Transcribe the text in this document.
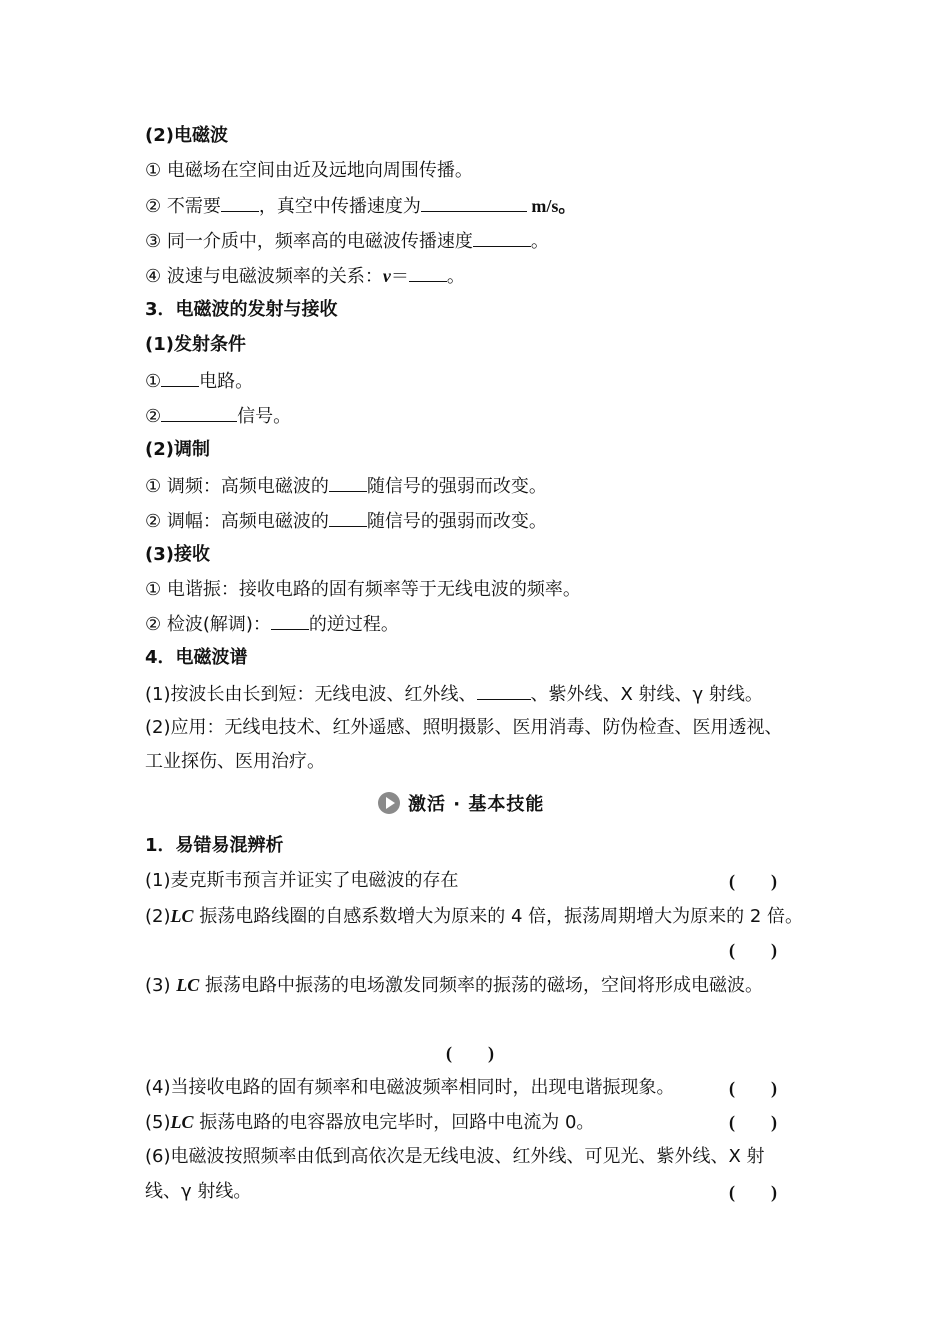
(2)电磁波
① 电磁场在空间由近及远地向周围传播。
② 不需要 ，真空中传播速度为	m/s。
③ 同一介质中，频率高的电磁波传播速度	。
④ 波速与电磁波频率的关系：v＝ 。
3．电磁波的发射与接收
(1)发射条件
① 电路。
②	信号。
(2)调制
① 调频：高频电磁波的 随信号的强弱而改变。
② 调幅：高频电磁波的 随信号的强弱而改变。
(3)接收
① 电谐振：接收电路的固有频率等于无线电波的频率。
② 检波(解调)： 的逆过程。
4．电磁波谱
(1)按波长由长到短：无线电波、红外线、	、紫外线、X 射线、γ 射线。
(2)应用：无线电技术、红外遥感、照明摄影、医用消毒、防伪检查、医用透视、
工业探伤、医用治疗。
激活 · 基本技能
1．易错易混辨析
(1)麦克斯韦预言并证实了电磁波的存在	(　　)
(2)LC 振荡电路线圈的自感系数增大为原来的 4 倍，振荡周期增大为原来的 2 倍。
(　　)
(3) LC 振荡电路中振荡的电场激发同频率的振荡的磁场，空间将形成电磁波。
(　　)
(4)当接收电路的固有频率和电磁波频率相同时，出现电谐振现象。	(　　)
(5)LC 振荡电路的电容器放电完毕时，回路中电流为 0。	(　　)
(6)电磁波按照频率由低到高依次是无线电波、红外线、可见光、紫外线、X 射
线、γ 射线。	(　　)
